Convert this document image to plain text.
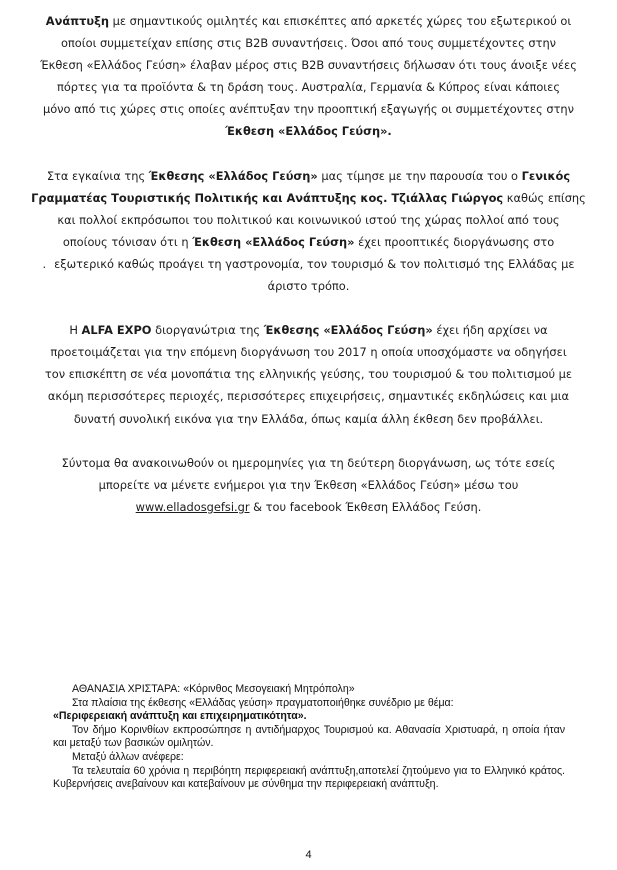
Ανάπτυξη με σημαντικούς ομιλητές και επισκέπτες από αρκετές χώρες του εξωτερικού οι
οποίοι συμμετείχαν επίσης στις B2B συναντήσεις. Όσοι από τους συμμετέχοντες στην
Έκθεση «Ελλάδος Γεύση» έλαβαν μέρος στις B2B συναντήσεις δήλωσαν ότι τους άνοιξε νέες
πόρτες για τα προϊόντα & τη δράση τους. Αυστραλία, Γερμανία & Κύπρος είναι κάποιες
μόνο από τις χώρες στις οποίες ανέπτυξαν την προοπτική εξαγωγής οι συμμετέχοντες στην
Έκθεση «Ελλάδος Γεύση».
Στα εγκαίνια της Έκθεσης «Ελλάδος Γεύση» μας τίμησε με την παρουσία του ο Γενικός
Γραμματέας Τουριστικής Πολιτικής και Ανάπτυξης κος. Τζιάλλας Γιώργος καθώς επίσης
και πολλοί εκπρόσωποι του πολιτικού και κοινωνικού ιστού της χώρας πολλοί από τους
οποίους τόνισαν ότι η Έκθεση «Ελλάδος Γεύση» έχει προοπτικές διοργάνωσης στο
. εξωτερικό καθώς προάγει τη γαστρονομία, τον τουρισμό & τον πολιτισμό της Ελλάδας με
άριστο τρόπο.
Η ALFA EXPO διοργανώτρια της Έκθεσης «Ελλάδος Γεύση» έχει ήδη αρχίσει να
προετοιμάζεται για την επόμενη διοργάνωση του 2017 η οποία υποσχόμαστε να οδηγήσει
τον επισκέπτη σε νέα μονοπάτια της ελληνικής γεύσης, του τουρισμού & του πολιτισμού με
ακόμη περισσότερες περιοχές, περισσότερες επιχειρήσεις, σημαντικές εκδηλώσεις και μια
δυνατή συνολική εικόνα για την Ελλάδα, όπως καμία άλλη έκθεση δεν προβάλλει.
Σύντομα θα ανακοινωθούν οι ημερομηνίες για τη δεύτερη διοργάνωση, ως τότε εσείς
μπορείτε να μένετε ενήμεροι για την Έκθεση «Ελλάδος Γεύση» μέσω του
www.elladosgefsi.gr & του facebook Έκθεση Ελλάδος Γεύση.

ΑΘΑΝΑΣΙΑ ΧΡΙΣΤΑΡΑ: «Κόρινθος Μεσογειακή Μητρόπολη»

Στα πλαίσια της έκθεσης «Ελλάδας γεύση» πραγματοποιήθηκε συνέδριο με θέμα:

«Περιφερειακή ανάπτυξη και επιχειρηματικότητα».

Τον δήμο Κορινθίων εκπροσώπησε η αντιδήμαρχος Τουρισμού κα. Αθανασία Χριστυαρά, η οποία ήταν και μεταξύ των βασικών ομιλητών.

Μεταξύ άλλων ανέφερε:

Τα τελευταία 60 χρόνια η περιβόητη περιφερειακή ανάπτυξη,αποτελεί ζητούμενο για το Ελληνικό κράτος. Κυβερνήσεις ανεβαίνουν και κατεβαίνουν με σύνθημα την περιφερειακή ανάπτυξη.

4
